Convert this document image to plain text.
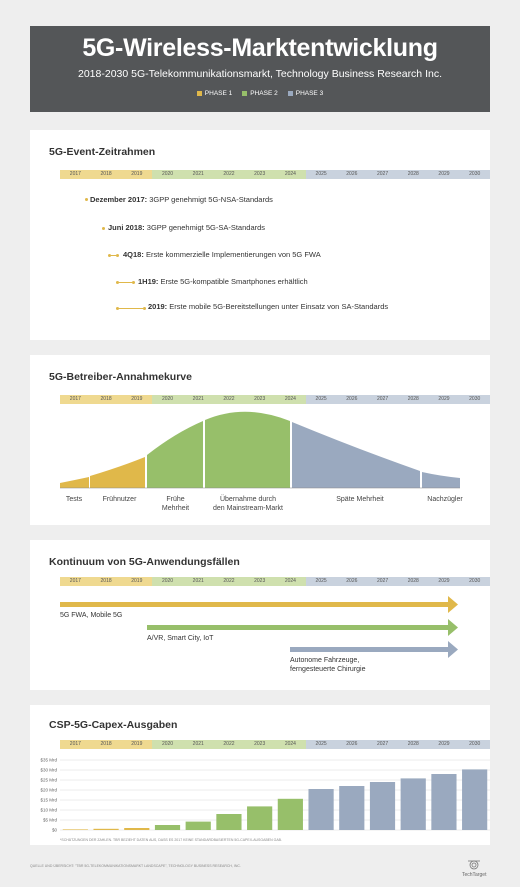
5G-Wireless-Marktentwicklung
2018-2030 5G-Telekommunikationsmarkt, Technology Business Research Inc.
PHASE 1	PHASE 2	PHASE 3
5G-Event-Zeitrahmen
2017	2018	2019	2020	2021	2022	2023	2024	2025	2026	2027	2028	2029	2030
Dezember 2017: 3GPP genehmigt 5G-NSA-Standards
Juni 2018: 3GPP genehmigt 5G-SA-Standards
4Q18: Erste kommerzielle Implementierungen von 5G FWA
1H19: Erste 5G-kompatible Smartphones erhältlich
2019: Erste mobile 5G-Bereitstellungen unter Einsatz von SA-Standards
5G-Betreiber-Annahmekurve
2017	2018	2019	2020	2021	2022	2023	2024	2025	2026	2027	2028	2029	2030
Tests	Frühnutzer	Frühe
Mehrheit
Übernahme durch
den Mainstream-Markt
Späte Mehrheit	Nachzügler
Kontinuum von 5G-Anwendungsfällen
2017	2018	2019	2020	2021	2022	2023	2024	2025	2026	2027	2028	2029	2030
5G FWA, Mobile 5G
A/VR, Smart City, IoT
Autonome Fahrzeuge,
ferngesteuerte Chirurgie
CSP-5G-Capex-Ausgaben
2017	2018	2019	2020	2021	2022	2023	2024	2025	2026	2027	2028	2029	2030
$0
$5 Mrd
$10 Mrd
$15 Mrd
$20 Mrd
$25 Mrd
$30 Mrd
$35 Mrd
*SCHÄTZUNGEN DER ZAHLEN. TBR BEZIEHT DATEN AUS, DASS ES 2017 KEINE STANDARDBASIERTEN 5G-CAPEX-AUSGABEN GAB.
QUELLE UND ÜBERSICHT: "TBR 5G-TELEKOMMUNIKATIONSMARKT LANDSCAPE", TECHNOLOGY BUSINESS RESEARCH, INC.

TechTarget
